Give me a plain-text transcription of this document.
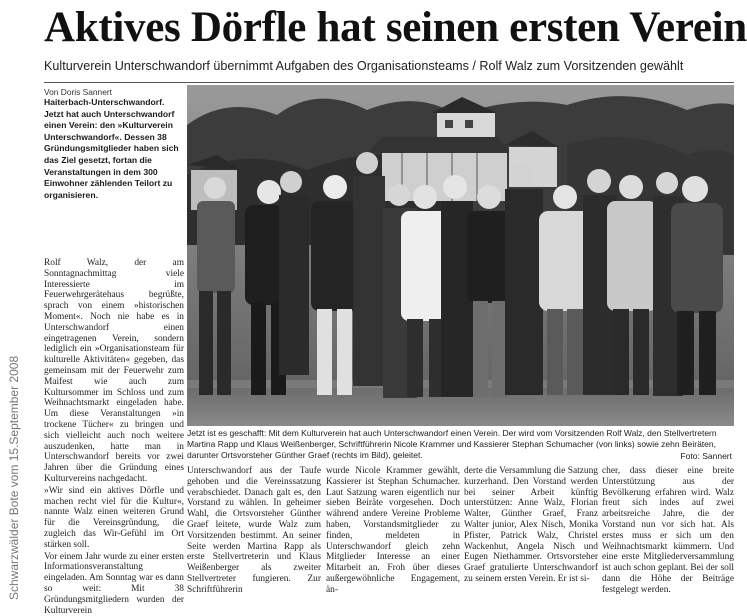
Aktives Dörfle hat seinen ersten Verein
Kulturverein Unterschwandorf übernimmt Aufgaben des Organisationsteams / Rolf Walz zum Vorsitzenden gewählt
Von Doris Sannert
Haiterbach-Unterschwandorf. Jetzt hat auch Unterschwandorf einen Verein: den »Kulturverein Unterschwandorf«. Dessen 38 Gründungsmitglieder haben sich das Ziel gesetzt, fortan die Veranstaltungen in dem 300 Einwohner zählenden Teilort zu organisieren.
Schwarzwälder Bote vom 15.September 2008

Rolf Walz, der am Sonntagnachmittag viele Interessierte im Feuerwehrgerätehaus begrüßte, sprach von einem »historischen Moment«. Noch nie habe es in Unterschwandorf einen eingetragenen Verein, sondern lediglich ein »Organisationsteam für kulturelle Aktivitäten« gegeben, das gemeinsam mit der Feuerwehr zum Maifest wie auch zum Kultursommer im Schloss und zum Weihnachtsmarkt eingeladen habe. Um diese Veranstaltungen »in trockene Tücher« zu bringen und sich vielleicht auch noch weitere auszudenken, hatte man in Unterschwandorf bereits vor zwei Jahren über die Gründung eines Kulturvereins nachgedacht.

»Wir sind ein aktives Dörfle und machen recht viel für die Kultur«, nannte Walz einen weiteren Grund für die Vereinsgründung, die zugleich das Wir-Gefühl im Ort stärken soll.

Vor einem Jahr wurde zu einer ersten Informationsveranstaltung eingeladen. Am Sonntag war es dann so weit: Mit 38 Gründungsmitgliedern wurden der Kulturverein

Jetzt ist es geschafft: Mit dem Kulturverein hat auch Unterschwandorf einen Verein. Der wird vom Vorsitzenden Rolf Walz, den Stellvertretern Martina Rapp und Klaus Weißenberger, Schriftführerin Nicole Krammer und Kassierer Stephan Schumacher (von links) sowie zehn Beiräten, darunter Ortsvorsteher Günther Graef (rechts im Bild), geleitet.	Foto: Sannert
Unterschwandorf aus der Taufe gehoben und die Vereinssatzung verabschiedet. Danach galt es, den Vorstand zu wählen. In geheimer Wahl, die Ortsvorsteher Günther Graef leitete, wurde Walz zum Vorsitzenden bestimmt. An seiner Seite werden Martina Rapp als erste Stellvertreterin und Klaus Weißenberger als zweiter Stellvertreter fungieren. Zur Schriftführerin
wurde Nicole Krammer gewählt, Kassierer ist Stephan Schumacher. Laut Satzung waren eigentlich nur sieben Beiräte vorgesehen. Doch während andere Vereine Probleme haben, Vorstandsmitglieder zu finden, meldeten in Unterschwandorf gleich zehn Mitglieder Interesse an einer Mitarbeit an. Froh über dieses außergewöhnliche Engagement, än-
derte die Versammlung die Satzung kurzerhand. Den Vorstand werden bei seiner Arbeit künftig unterstützen: Anne Walz, Florian Walter, Günther Graef, Franz Walter junior, Alex Nisch, Monika Pfister, Patrick Walz, Christel Wackenhut, Angela Nisch und Eugen Niethammer. Ortsvorsteher Graef gratulierte Unterschwandorf zu seinem ersten Verein. Er ist si-
cher, dass dieser eine breite Unterstützung aus der Bevölkerung erfahren wird. Walz freut sich indes auf zwei arbeitsreiche Jahre, die der Vorstand nun vor sich hat. Als erstes muss er sich um den Weihnachtsmarkt kümmern. Und eine erste Mitgliederversammlung ist auch schon geplant. Bei der soll dann die Höhe der Beiträge festgelegt werden.
